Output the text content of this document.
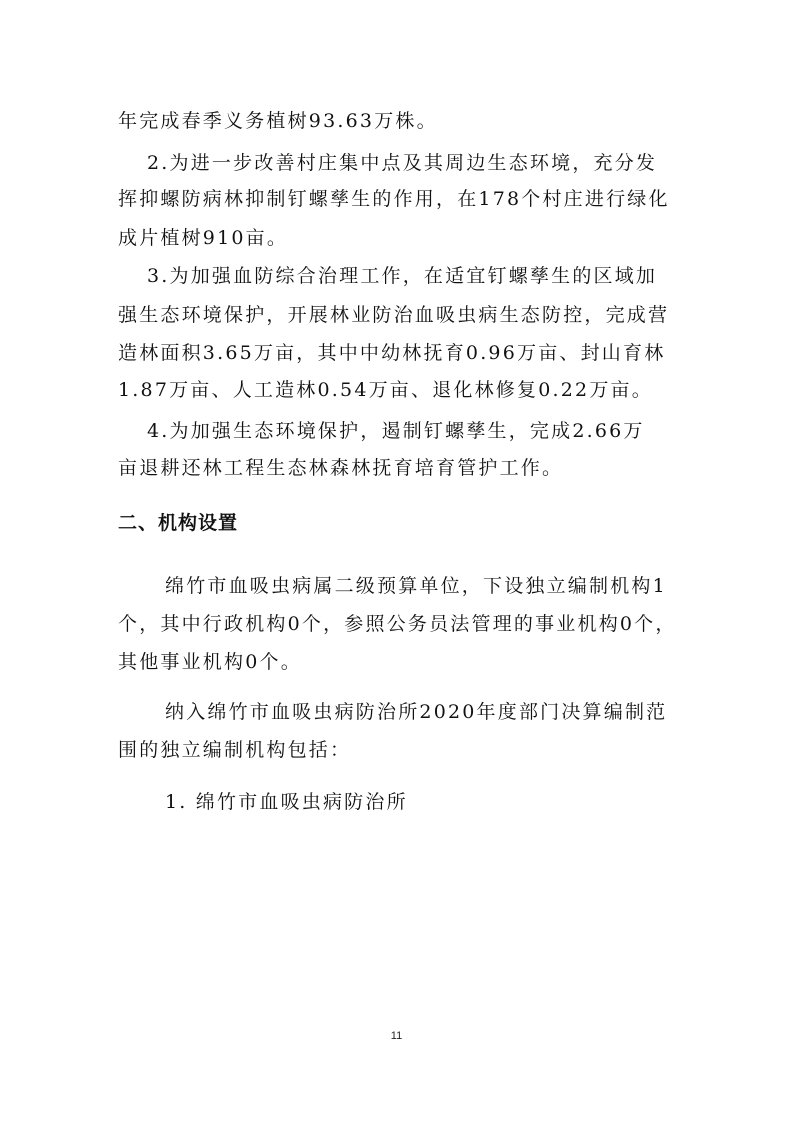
年完成春季义务植树93.63万株。
2.为进一步改善村庄集中点及其周边生态环境，充分发
挥抑螺防病林抑制钉螺孳生的作用，在178个村庄进行绿化
成片植树910亩。
3.为加强血防综合治理工作，在适宜钉螺孳生的区域加
强生态环境保护，开展林业防治血吸虫病生态防控，完成营
造林面积3.65万亩，其中中幼林抚育0.96万亩、封山育林
1.87万亩、人工造林0.54万亩、退化林修复0.22万亩。
4.为加强生态环境保护，遏制钉螺孳生，完成2.66万
亩退耕还林工程生态林森林抚育培育管护工作。
二、机构设置
绵竹市血吸虫病属二级预算单位，下设独立编制机构1
个，其中行政机构0个，参照公务员法管理的事业机构0个，
其他事业机构0个。
纳入绵竹市血吸虫病防治所2020年度部门决算编制范
围的独立编制机构包括：
1. 绵竹市血吸虫病防治所
11
